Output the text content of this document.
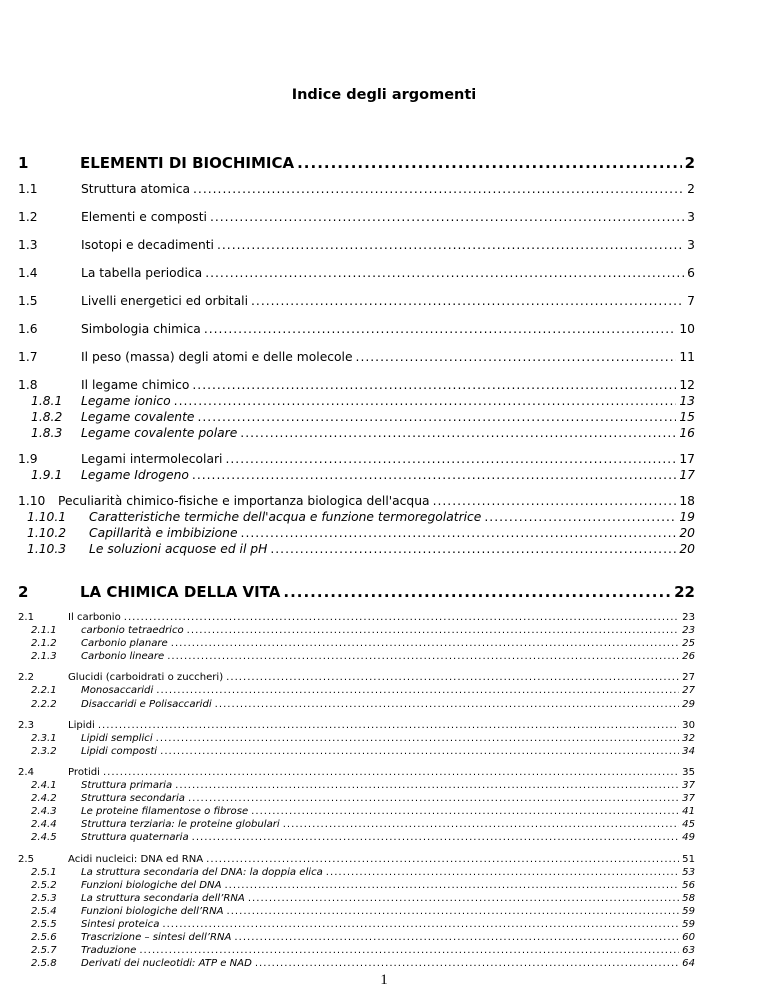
Indice degli argomenti
1	ELEMENTI DI BIOCHIMICA .....	2
1.1	Struttura atomica .....	2
1.2	Elementi e composti .....	3
1.3	Isotopi e decadimenti .....	3
1.4	La tabella periodica .....	6
1.5	Livelli energetici ed orbitali .....	7
1.6	Simbologia chimica .....	10
1.7	Il peso (massa) degli atomi e delle molecole .....	11
1.8	Il legame chimico .....	12
1.8.1	Legame ionico .....	13
1.8.2	Legame covalente .....	15
1.8.3	Legame covalente polare .....	16
1.9	Legami intermolecolari .....	17
1.9.1	Legame Idrogeno .....	17
1.10	Peculiarità chimico-fisiche e importanza biologica dell'acqua .....	18
1.10.1	Caratteristiche termiche dell'acqua e funzione termoregolatrice .....	19
1.10.2	Capillarità e imbibizione .....	20
1.10.3	Le soluzioni acquose ed il pH .....	20
2	LA CHIMICA DELLA VITA .....	22
2.1	Il carbonio .....	23
2.1.1	carbonio tetraedrico .....	23
2.1.2	Carbonio planare .....	25
2.1.3	Carbonio lineare .....	26
2.2	Glucidi (carboidrati o zuccheri) .....	27
2.2.1	Monosaccaridi .....	27
2.2.2	Disaccaridi e Polisaccaridi .....	29
2.3	Lipidi .....	30
2.3.1	Lipidi semplici .....	32
2.3.2	Lipidi composti .....	34
2.4	Protidi .....	35
2.4.1	Struttura primaria .....	37
2.4.2	Struttura secondaria .....	37
2.4.3	Le proteine filamentose o fibrose .....	41
2.4.4	Struttura terziaria: le proteine globulari .....	45
2.4.5	Struttura quaternaria .....	49
2.5	Acidi nucleici: DNA ed RNA .....	51
2.5.1	La struttura secondaria del DNA: la doppia elica .....	53
2.5.2	Funzioni biologiche del DNA .....	56
2.5.3	La struttura secondaria dell’RNA .....	58
2.5.4	Funzioni biologiche dell’RNA .....	59
2.5.5	Sintesi proteica .....	59
2.5.6	Trascrizione – sintesi dell’RNA .....	60
2.5.7	Traduzione .....	63
2.5.8	Derivati dei nucleotidi: ATP e NAD .....	64
1
